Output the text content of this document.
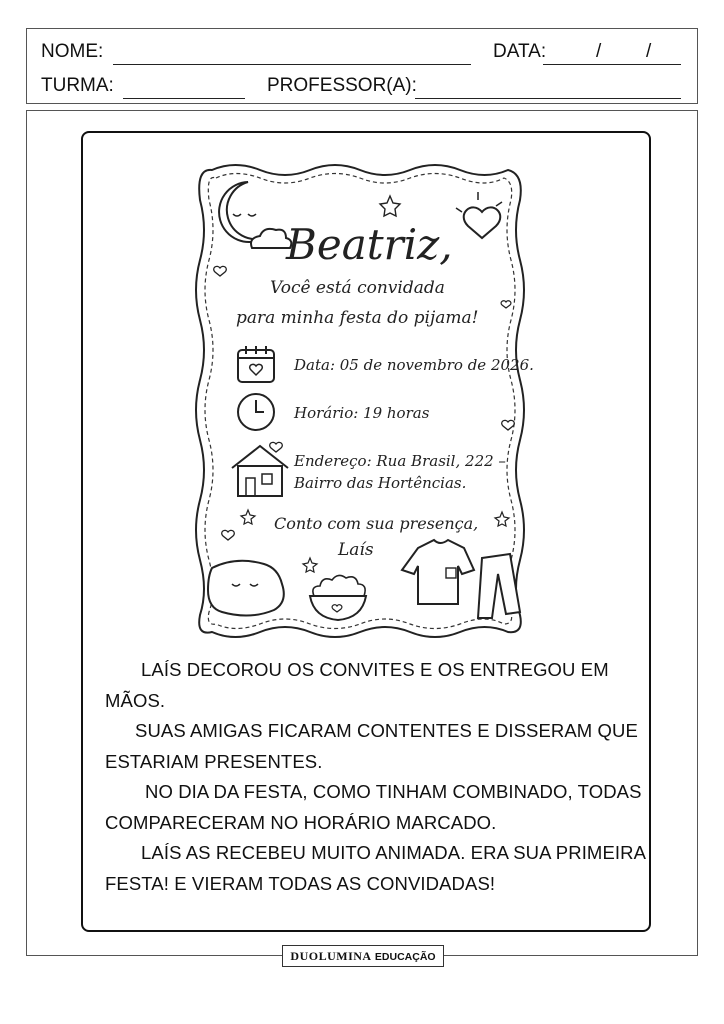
NOME:	DATA:	/ /
TURMA:	PROFESSOR(A):
Beatriz,
Você está convidada
para minha festa do pijama!
Data: 05 de novembro de 2026.
Horário: 19 horas
Endereço: Rua Brasil, 222 –
Bairro das Hortências.
Conto com sua presença,
Laís

LAÍS DECOROU OS CONVITES E OS ENTREGOU EM MÃOS.

SUAS AMIGAS FICARAM CONTENTES E DISSERAM QUE ESTARIAM PRESENTES.

NO DIA DA FESTA, COMO TINHAM COMBINADO, TODAS COMPARECERAM NO HORÁRIO MARCADO.

LAÍS AS RECEBEU MUITO ANIMADA. ERA SUA PRIMEIRA FESTA! E VIERAM TODAS AS CONVIDADAS!

DUOLUMINA EDUCAÇÃO
